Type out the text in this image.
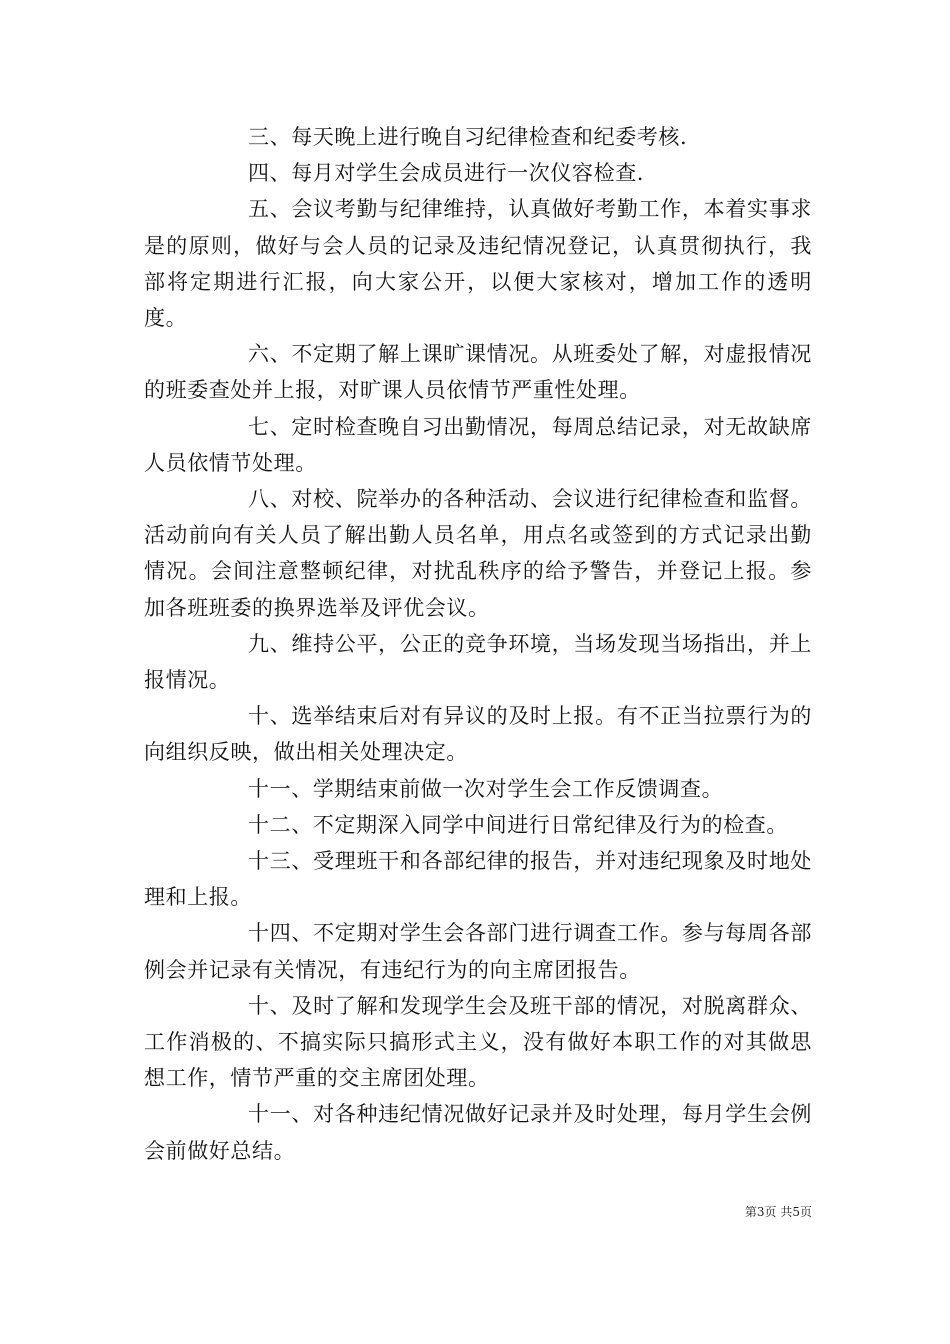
三、每天晚上进行晚自习纪律检查和纪委考核.

四、每月对学生会成员进行一次仪容检查.

五、会议考勤与纪律维持，认真做好考勤工作，本着实事求是的原则，做好与会人员的记录及违纪情况登记，认真贯彻执行，我部将定期进行汇报，向大家公开，以便大家核对，增加工作的透明度。

六、不定期了解上课旷课情况。从班委处了解，对虚报情况的班委查处并上报，对旷课人员依情节严重性处理。

七、定时检查晚自习出勤情况，每周总结记录，对无故缺席人员依情节处理。

八、对校、院举办的各种活动、会议进行纪律检查和监督。活动前向有关人员了解出勤人员名单，用点名或签到的方式记录出勤情况。会间注意整顿纪律，对扰乱秩序的给予警告，并登记上报。参加各班班委的换界选举及评优会议。

九、维持公平，公正的竞争环境，当场发现当场指出，并上报情况。

十、选举结束后对有异议的及时上报。有不正当拉票行为的向组织反映，做出相关处理决定。

十一、学期结束前做一次对学生会工作反馈调查。

十二、不定期深入同学中间进行日常纪律及行为的检查。

十三、受理班干和各部纪律的报告，并对违纪现象及时地处理和上报。

十四、不定期对学生会各部门进行调查工作。参与每周各部例会并记录有关情况，有违纪行为的向主席团报告。

十、及时了解和发现学生会及班干部的情况，对脱离群众、工作消极的、不搞实际只搞形式主义，没有做好本职工作的对其做思想工作，情节严重的交主席团处理。

十一、对各种违纪情况做好记录并及时处理，每月学生会例会前做好总结。

第3页 共5页
